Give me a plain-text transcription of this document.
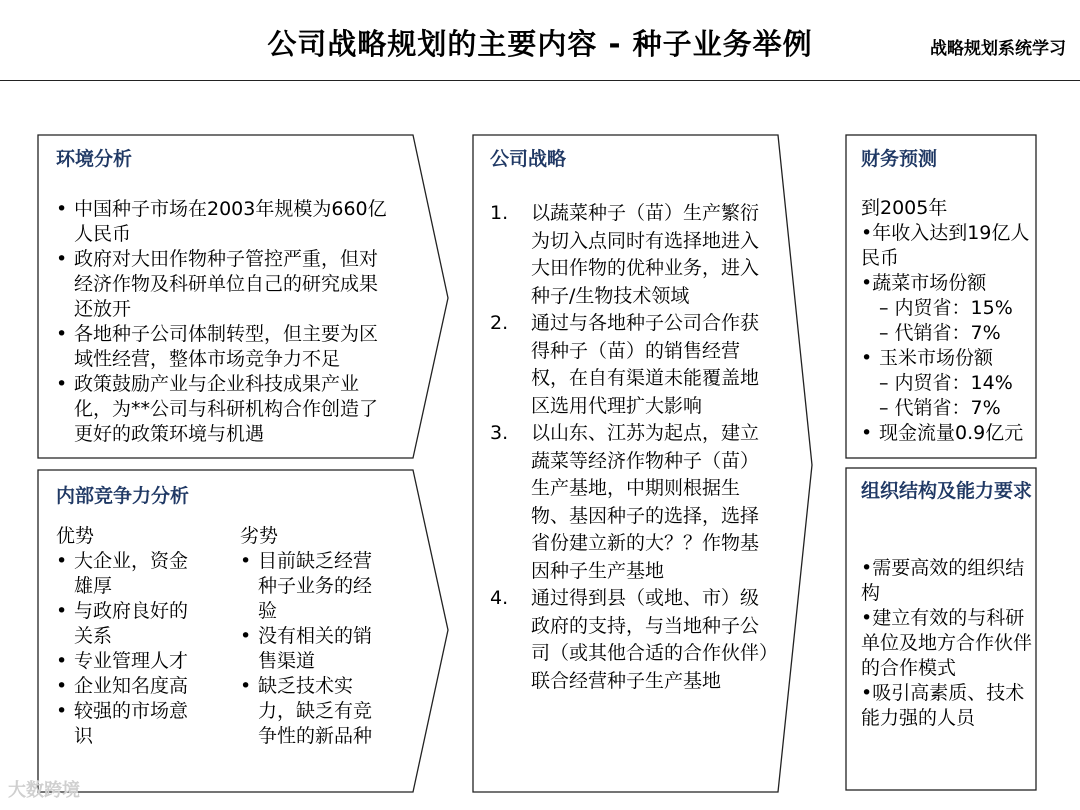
公司战略规划的主要内容 - 种子业务举例	战略规划系统学习
环境分析
• 中国种子市场在2003年规模为660亿人民币
• 政府对大田作物种子管控严重，但对经济作物及科研单位自己的研究成果还放开
• 各地种子公司体制转型，但主要为区域性经营，整体市场竞争力不足
• 政策鼓励产业与企业科技成果产业化，为**公司与科研机构合作创造了更好的政策环境与机遇
内部竞争力分析
优势
• 大企业，资金雄厚
• 与政府良好的关系
• 专业管理人才
• 企业知名度高
• 较强的市场意识
劣势
• 目前缺乏经营种子业务的经验
• 没有相关的销售渠道
• 缺乏技术实力，缺乏有竞争性的新品种
公司战略
1. 以蔬菜种子（苗）生产繁衍为切入点同时有选择地进入大田作物的优种业务，进入种子/生物技术领域
2. 通过与各地种子公司合作获得种子（苗）的销售经营权，在自有渠道未能覆盖地区选用代理扩大影响
3. 以山东、江苏为起点，建立蔬菜等经济作物种子（苗）生产基地，中期则根据生物、基因种子的选择，选择省份建立新的大？？作物基因种子生产基地
4. 通过得到县（或地、市）级政府的支持，与当地种子公司（或其他合适的合作伙伴）联合经营种子生产基地
财务预测
到2005年
•年收入达到19亿人民币
•蔬菜市场份额
– 内贸省：15%
– 代销省：7%
• 玉米市场份额
– 内贸省：14%
– 代销省：7%
• 现金流量0.9亿元
组织结构及能力要求
•需要高效的组织结构
•建立有效的与科研单位及地方合作伙伴的合作模式
•吸引高素质、技术能力强的人员
大数跨境
